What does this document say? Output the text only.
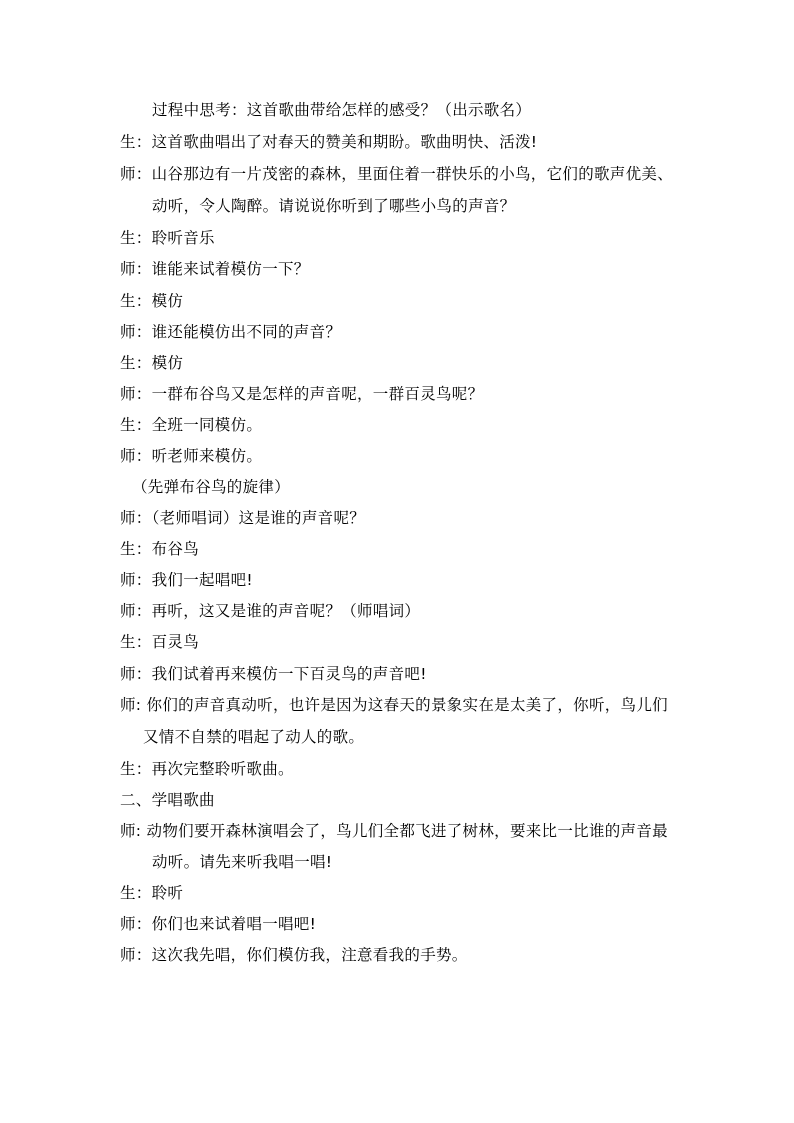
过程中思考：这首歌曲带给怎样的感受？（出示歌名）
生：这首歌曲唱出了对春天的赞美和期盼。歌曲明快、活泼!
师：山谷那边有一片茂密的森林，里面住着一群快乐的小鸟，它们的歌声优美、
动听，令人陶醉。请说说你听到了哪些小鸟的声音？
生：聆听音乐
师：谁能来试着模仿一下？
生：模仿
师：谁还能模仿出不同的声音？
生：模仿
师：一群布谷鸟又是怎样的声音呢，一群百灵鸟呢？
生：全班一同模仿。
师：听老师来模仿。
（先弹布谷鸟的旋律）
师：（老师唱词）这是谁的声音呢？
生：布谷鸟
师：我们一起唱吧!
师：再听，这又是谁的声音呢？（师唱词）
生：百灵鸟
师：我们试着再来模仿一下百灵鸟的声音吧!
师: 你们的声音真动听，也许是因为这春天的景象实在是太美了，你听，鸟儿们
又情不自禁的唱起了动人的歌。
生：再次完整聆听歌曲。
二、学唱歌曲
师: 动物们要开森林演唱会了，鸟儿们全都飞进了树林，要来比一比谁的声音最
动听。请先来听我唱一唱!
生：聆听
师：你们也来试着唱一唱吧!
师：这次我先唱，你们模仿我，注意看我的手势。
